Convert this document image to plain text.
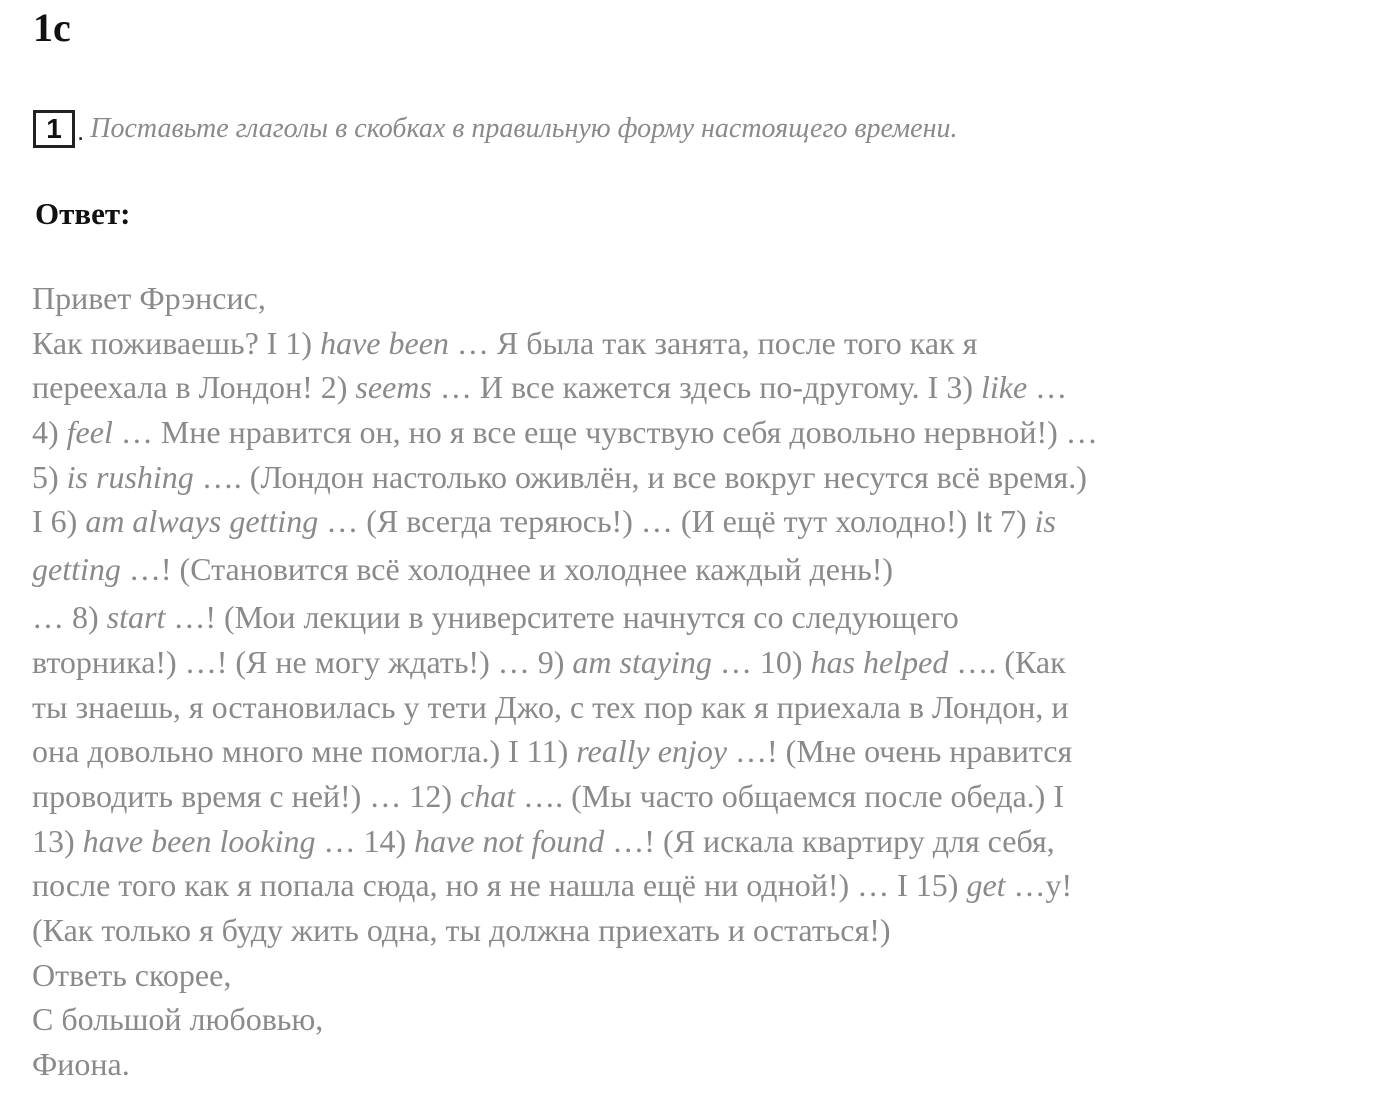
1c
1 . Поставьте глаголы в скобках в правильную форму настоящего времени.
Ответ:
Привет Фрэнсис,
Как поживаешь? I 1) have been … Я была так занята, после того как я
переехала в Лондон! 2) seems … И все кажется здесь по-другому. I 3) like …
4) feel … Мне нравится он, но я все еще чувствую себя довольно нервной!) …
5) is rushing …. (Лондон настолько оживлён, и все вокруг несутся всё время.)
I 6) am always getting … (Я всегда теряюсь!) … (И ещё тут холодно!) It 7) is
getting …! (Становится всё холоднее и холоднее каждый день!)
… 8) start …! (Мои лекции в университете начнутся со следующего
вторника!) …! (Я не могу ждать!) … 9) am staying … 10) has helped …. (Как
ты знаешь, я остановилась у тети Джо, с тех пор как я приехала в Лондон, и
она довольно много мне помогла.) I 11) really enjoy …! (Мне очень нравится
проводить время с ней!) … 12) chat …. (Мы часто общаемся после обеда.) I
13) have been looking … 14) have not found …! (Я искала квартиру для себя,
после того как я попала сюда, но я не нашла ещё ни одной!) … I 15) get …y!
(Как только я буду жить одна, ты должна приехать и остаться!)
Ответь скорее,
С большой любовью,
Фиона.
